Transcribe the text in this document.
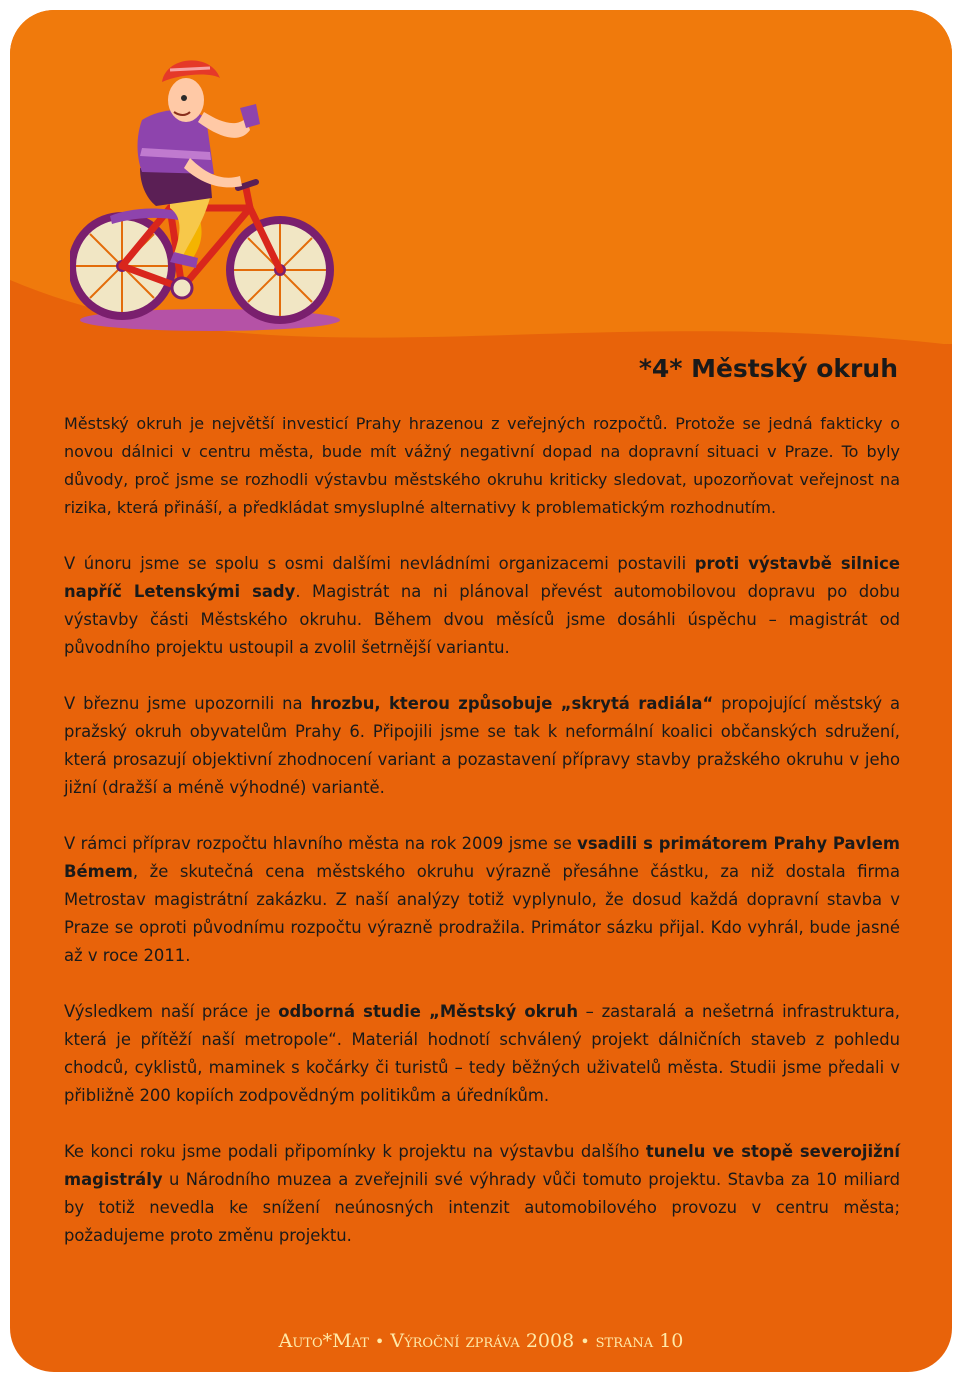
*4* Městský okruh

Městský okruh je největší investicí Prahy hrazenou z veřejných rozpočtů. Protože se jedná fakticky o novou dálnici v centru města, bude mít vážný negativní dopad na dopravní situaci v Praze. To byly důvody, proč jsme se rozhodli výstavbu městského okruhu kriticky sledovat, upozorňovat veřejnost na rizika, která přináší, a předkládat smysluplné alternativy k problematickým rozhodnutím.

V únoru jsme se spolu s osmi dalšími nevládními organizacemi postavili proti výstavbě silnice napříč Letenskými sady. Magistrát na ni plánoval převést automobilovou dopravu po dobu výstavby části Městského okruhu. Během dvou měsíců jsme dosáhli úspěchu – magistrát od původního projektu ustoupil a zvolil šetrnější variantu.

V březnu jsme upozornili na hrozbu, kterou způsobuje „skrytá radiála“ propojující městský a pražský okruh obyvatelům Prahy 6. Připojili jsme se tak k neformální koalici občanských sdružení, která prosazují objektivní zhodnocení variant a pozastavení přípravy stavby pražského okruhu v jeho jižní (dražší a méně výhodné) variantě.

V rámci příprav rozpočtu hlavního města na rok 2009 jsme se vsadili s primátorem Prahy Pavlem Bémem, že skutečná cena městského okruhu výrazně přesáhne částku, za niž dostala firma Metrostav magistrátní zakázku. Z naší analýzy totiž vyplynulo, že dosud každá dopravní stavba v Praze se oproti původnímu rozpočtu výrazně prodražila. Primátor sázku přijal. Kdo vyhrál, bude jasné až v roce 2011.

Výsledkem naší práce je odborná studie „Městský okruh – zastaralá a nešetrná infrastruktura, která je přítěží naší metropole“. Materiál hodnotí schválený projekt dálničních staveb z pohledu chodců, cyklistů, maminek s kočárky či turistů – tedy běžných uživatelů města. Studii jsme předali v přibližně 200 kopiích zodpovědným politikům a úředníkům.

Ke konci roku jsme podali připomínky k projektu na výstavbu dalšího tunelu ve stopě severojižní magistrály u Národního muzea a zveřejnili své výhrady vůči tomuto projektu. Stavba za 10 miliard by totiž nevedla ke snížení neúnosných intenzit automobilového provozu v centru města; požadujeme proto změnu projektu.

Auto*Mat • Výroční zpráva 2008 • strana 10
